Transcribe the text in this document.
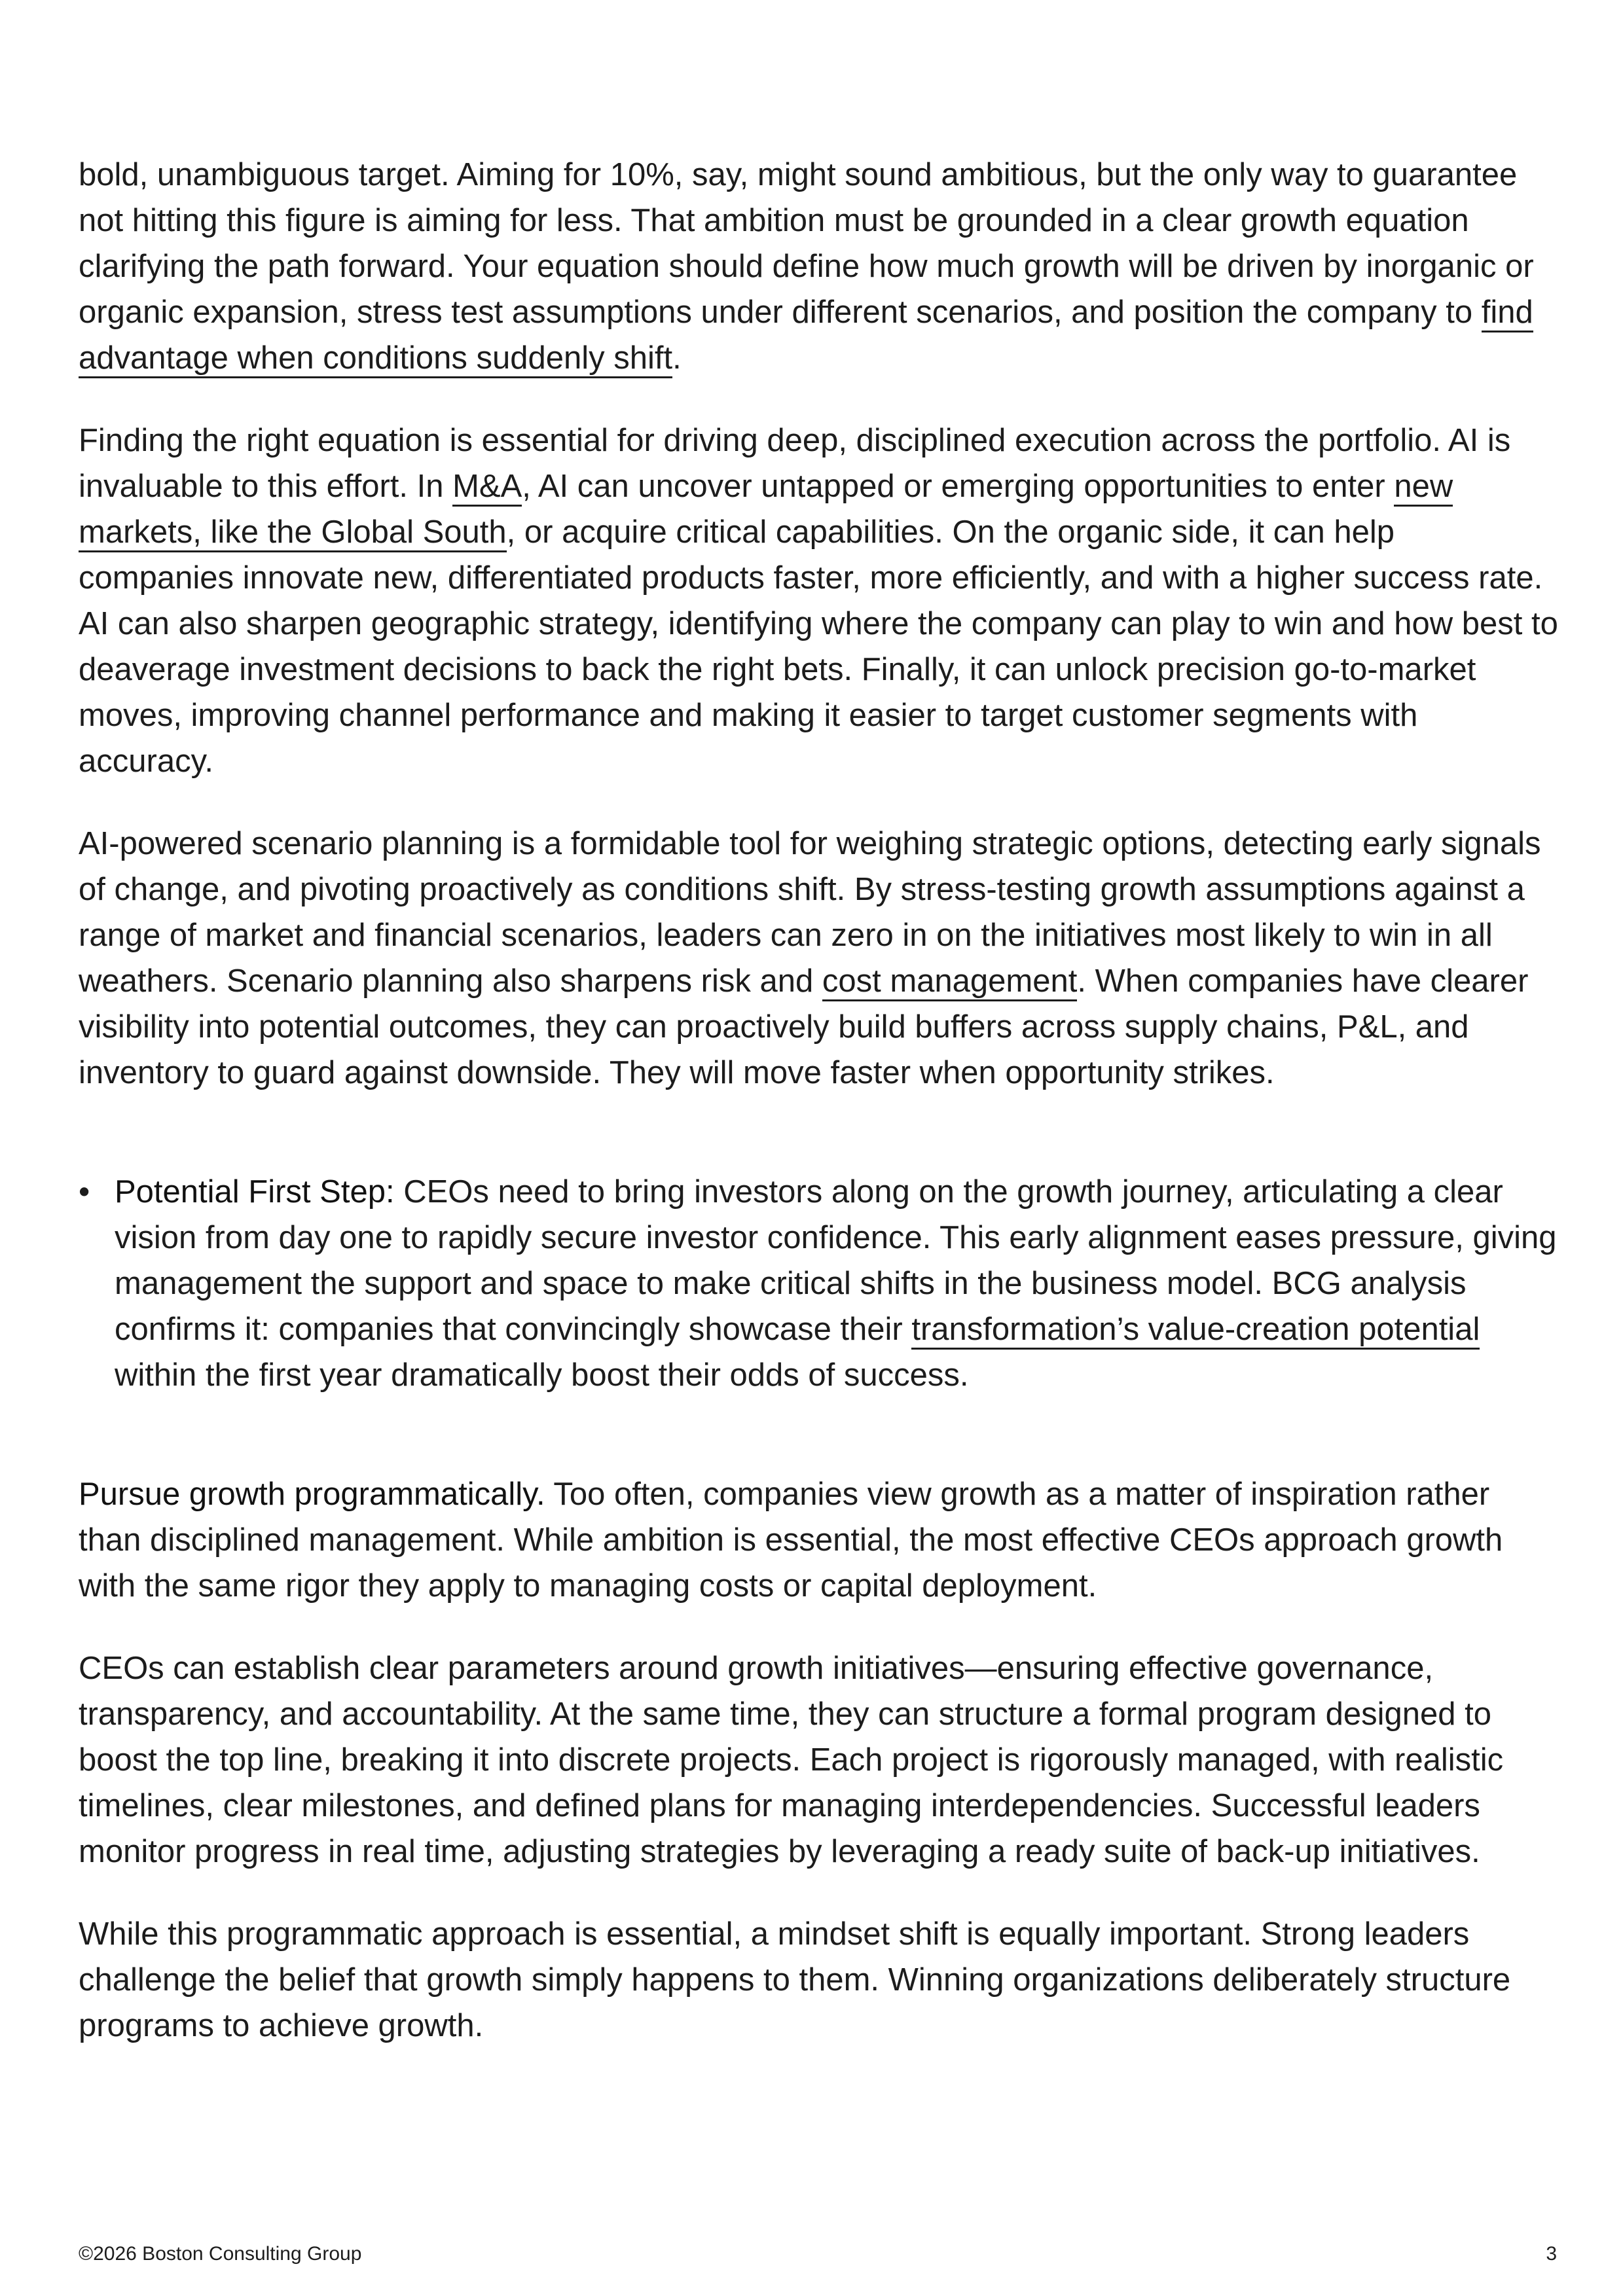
bold, unambiguous target. Aiming for 10%, say, might sound ambitious, but the only way to guarantee not hitting this figure is aiming for less. That ambition must be grounded in a clear growth equation clarifying the path forward. Your equation should define how much growth will be driven by inorganic or organic expansion, stress test assumptions under different scenarios, and position the company to find advantage when conditions suddenly shift.

Finding the right equation is essential for driving deep, disciplined execution across the portfolio. AI is invaluable to this effort. In M&A, AI can uncover untapped or emerging opportunities to enter new markets, like the Global South, or acquire critical capabilities. On the organic side, it can help companies innovate new, differentiated products faster, more efficiently, and with a higher success rate. AI can also sharpen geographic strategy, identifying where the company can play to win and how best to deaverage investment decisions to back the right bets. Finally, it can unlock precision go-to-market moves, improving channel performance and making it easier to target customer segments with accuracy.

AI-powered scenario planning is a formidable tool for weighing strategic options, detecting early signals of change, and pivoting proactively as conditions shift. By stress-testing growth assumptions against a range of market and financial scenarios, leaders can zero in on the initiatives most likely to win in all weathers. Scenario planning also sharpens risk and cost management. When companies have clearer visibility into potential outcomes, they can proactively build buffers across supply chains, P&L, and inventory to guard against downside. They will move faster when opportunity strikes.

• Potential First Step: CEOs need to bring investors along on the growth journey, articulating a clear vision from day one to rapidly secure investor confidence. This early alignment eases pressure, giving management the support and space to make critical shifts in the business model. BCG analysis confirms it: companies that convincingly showcase their transformation’s value-creation potential within the first year dramatically boost their odds of success.

Pursue growth programmatically. Too often, companies view growth as a matter of inspiration rather than disciplined management. While ambition is essential, the most effective CEOs approach growth with the same rigor they apply to managing costs or capital deployment.

CEOs can establish clear parameters around growth initiatives—ensuring effective governance, transparency, and accountability. At the same time, they can structure a formal program designed to boost the top line, breaking it into discrete projects. Each project is rigorously managed, with realistic timelines, clear milestones, and defined plans for managing interdependencies. Successful leaders monitor progress in real time, adjusting strategies by leveraging a ready suite of back-up initiatives.

While this programmatic approach is essential, a mindset shift is equally important. Strong leaders challenge the belief that growth simply happens to them. Winning organizations deliberately structure programs to achieve growth.

©2026 Boston Consulting Group	3
